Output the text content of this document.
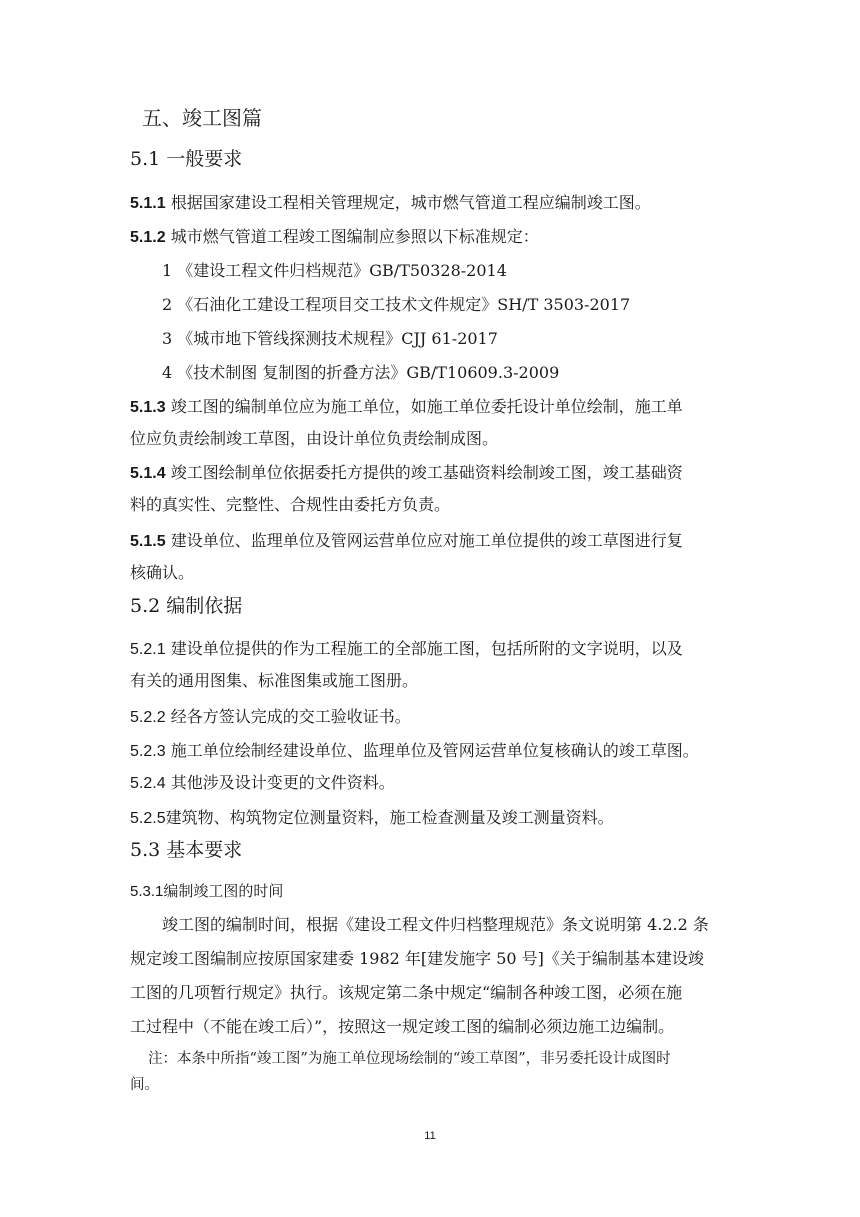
五、竣工图篇
5.1 一般要求
5.1.1 根据国家建设工程相关管理规定，城市燃气管道工程应编制竣工图。
5.1.2 城市燃气管道工程竣工图编制应参照以下标准规定：
1 《建设工程文件归档规范》GB/T50328-2014
2 《石油化工建设工程项目交工技术文件规定》SH/T 3503-2017
3 《城市地下管线探测技术规程》CJJ 61-2017
4 《技术制图 复制图的折叠方法》GB/T10609.3-2009
5.1.3 竣工图的编制单位应为施工单位，如施工单位委托设计单位绘制，施工单
位应负责绘制竣工草图，由设计单位负责绘制成图。
5.1.4 竣工图绘制单位依据委托方提供的竣工基础资料绘制竣工图，竣工基础资
料的真实性、完整性、合规性由委托方负责。
5.1.5 建设单位、监理单位及管网运营单位应对施工单位提供的竣工草图进行复
核确认。
5.2 编制依据
5.2.1 建设单位提供的作为工程施工的全部施工图，包括所附的文字说明，以及
有关的通用图集、标准图集或施工图册。
5.2.2 经各方签认完成的交工验收证书。
5.2.3 施工单位绘制经建设单位、监理单位及管网运营单位复核确认的竣工草图。
5.2.4 其他涉及设计变更的文件资料。
5.2.5建筑物、构筑物定位测量资料，施工检查测量及竣工测量资料。
5.3 基本要求
5.3.1编制竣工图的时间
竣工图的编制时间，根据《建设工程文件归档整理规范》条文说明第 4.2.2 条
规定竣工图编制应按原国家建委 1982 年[建发施字 50 号]《关于编制基本建设竣
工图的几项暂行规定》执行。该规定第二条中规定“编制各种竣工图，必须在施
工过程中（不能在竣工后）”，按照这一规定竣工图的编制必须边施工边编制。
注：本条中所指“竣工图”为施工单位现场绘制的“竣工草图”，非另委托设计成图时
间。
11
